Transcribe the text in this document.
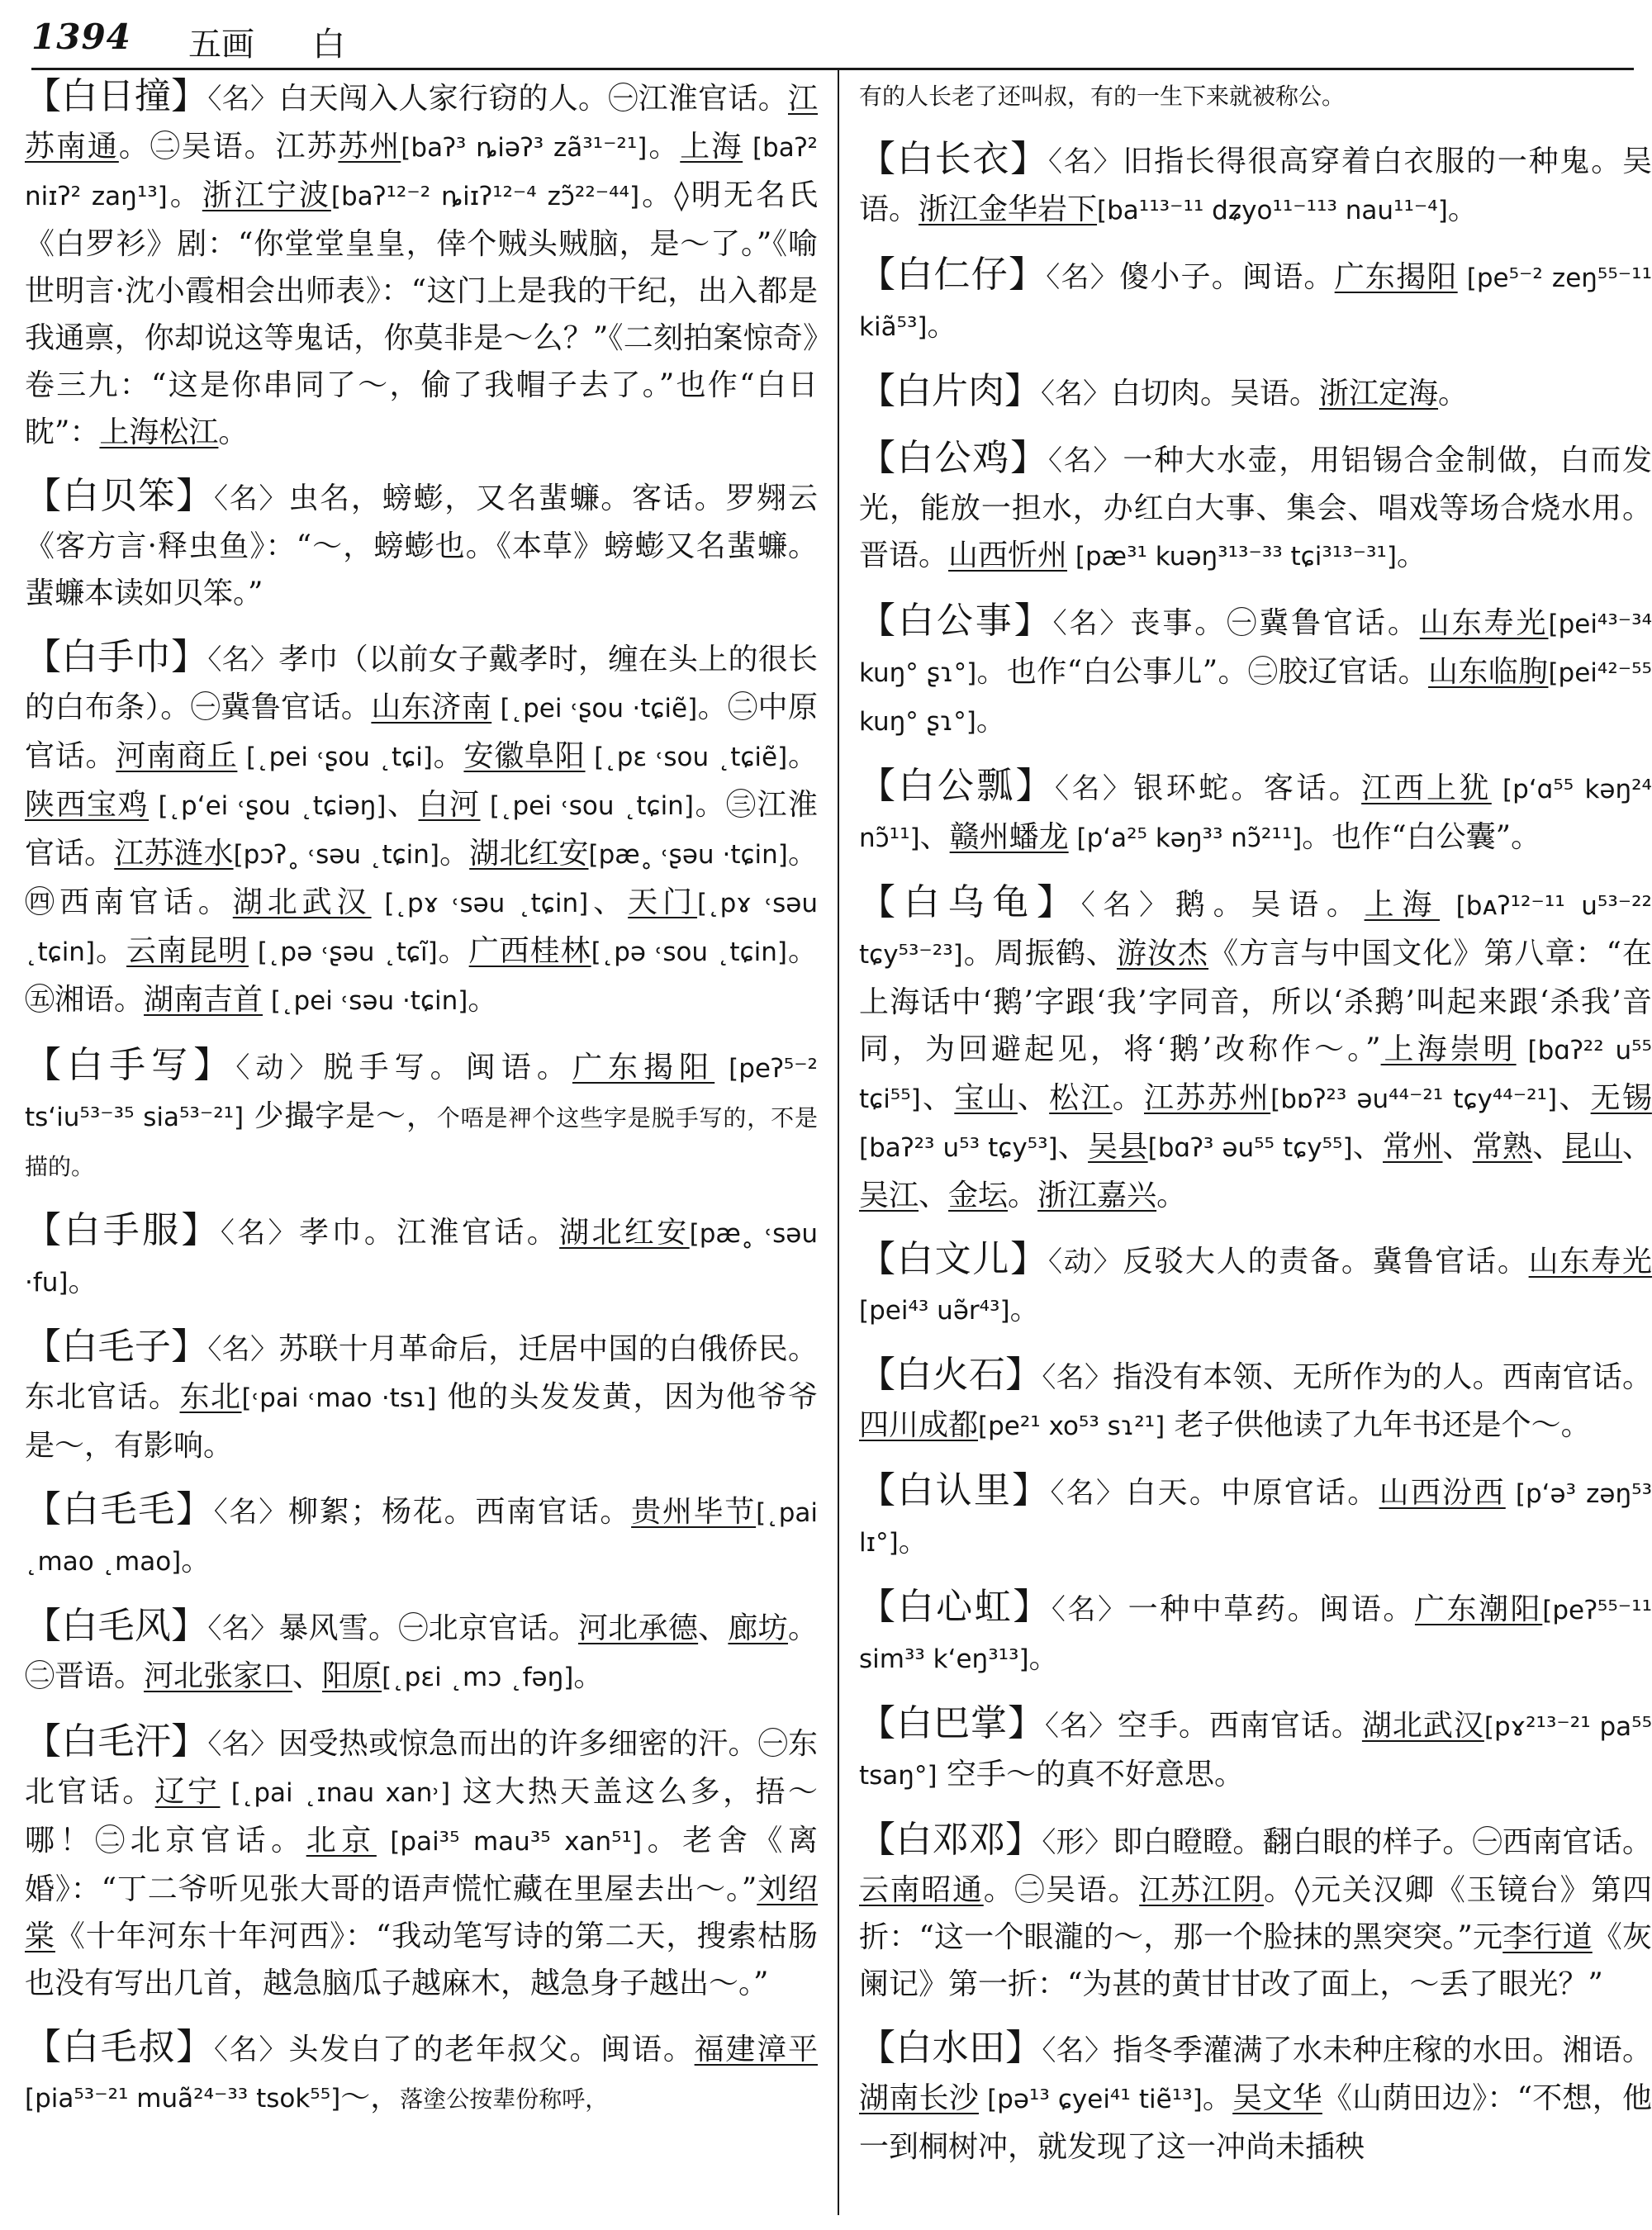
1394 五画 白
【白日撞】〈名〉白天闯入人家行窃的人。㊀江淮官话。江苏南通。㊁吴语。江苏苏州[baʔ³ ȵiəʔ³ zã³¹⁻²¹]。上海 [baʔ² niɪʔ² zaŋ¹³]。浙江宁波[baʔ¹²⁻² ȵiɪʔ¹²⁻⁴ zɔ̃²²⁻⁴⁴]。◊明无名氏《白罗衫》剧：“你堂堂皇皇，倖个贼头贼脑，是～了。”《喻世明言·沈小霞相会出师表》：“这门上是我的干纪，出入都是我通禀，你却说这等鬼话，你莫非是～么？”《二刻拍案惊奇》卷三九：“这是你串同了～，偷了我帽子去了。”也作“白日眈”：上海松江。
【白贝笨】〈名〉虫名，螃蟛，又名蜚蠊。客话。罗翙云《客方言·释虫鱼》：“～，螃蟛也。《本草》螃蟛又名蜚蠊。蜚蠊本读如贝笨。”
【白手巾】〈名〉孝巾（以前女子戴孝时，缠在头上的很长的白布条）。㊀冀鲁官话。山东济南 [˛pei ˓ʂou ·tɕiẽ]。㊁中原官话。河南商丘 [˛pei ˓ʂou ˛tɕi]。安徽阜阳 [˛pɛ ˓sou ˛tɕiẽ]。陕西宝鸡 [˛pʻei ˓ʂou ˛tɕiəŋ]、白河 [˛pei ˓sou ˛tɕin]。㊂江淮官话。江苏涟水[pɔʔ˳ ˓səu ˛tɕin]。湖北红安[pæ˳ ˓ʂəu ·tɕin]。㊃西南官话。湖北武汉 [˛pɤ ˓səu ˛tɕin]、天门[˛pɤ ˓səu ˛tɕin]。云南昆明 [˛pə ˓ʂəu ˛tɕĩ]。广西桂林[˛pə ˓sou ˛tɕin]。㊄湘语。湖南吉首 [˛pei ˓səu ·tɕin]。
【白手写】〈动〉脱手写。闽语。广东揭阳 [peʔ⁵⁻² tsʻiu⁵³⁻³⁵ sia⁵³⁻²¹] 少撮字是～，个唔是䘥个这些字是脱手写的，不是描的。
【白手服】〈名〉孝巾。江淮官话。湖北红安[pæ˳ ˓səu ·fu]。
【白毛子】〈名〉苏联十月革命后，迁居中国的白俄侨民。东北官话。东北[˓pai ˓mao ·tsɿ] 他的头发发黄，因为他爷爷是～，有影响。
【白毛毛】〈名〉柳絮；杨花。西南官话。贵州毕节[˛pai ˛mao ˛mao]。
【白毛风】〈名〉暴风雪。㊀北京官话。河北承德、廊坊。㊁晋语。河北张家口、阳原[˛pɛi ˛mɔ ˛fəŋ]。
【白毛汗】〈名〉因受热或惊急而出的许多细密的汗。㊀东北官话。辽宁 [˛pai ˛ɪnau xan˒] 这大热天盖这么多，捂～哪！㊁北京官话。北京 [pai³⁵ mau³⁵ xan⁵¹]。老舍《离婚》：“丁二爷听见张大哥的语声慌忙藏在里屋去出～。”刘绍棠《十年河东十年河西》：“我动笔写诗的第二天，搜索枯肠也没有写出几首，越急脑瓜子越麻木，越急身子越出～。”
【白毛叔】〈名〉头发白了的老年叔父。闽语。福建漳平[pia⁵³⁻²¹ muã²⁴⁻³³ tsok⁵⁵]～，落塗公按辈份称呼，
有的人长老了还叫叔，有的一生下来就被称公。
【白长衣】〈名〉旧指长得很高穿着白衣服的一种鬼。吴语。浙江金华岩下[ba¹¹³⁻¹¹ dʑyo¹¹⁻¹¹³ nau¹¹⁻⁴]。
【白仁仔】〈名〉傻小子。闽语。广东揭阳 [pe⁵⁻² zeŋ⁵⁵⁻¹¹ kiã⁵³]。
【白片肉】〈名〉白切肉。吴语。浙江定海。
【白公鸡】〈名〉一种大水壶，用铝锡合金制做，白而发光，能放一担水，办红白大事、集会、唱戏等场合烧水用。晋语。山西忻州 [pæ³¹ kuəŋ³¹³⁻³³ tɕi³¹³⁻³¹]。
【白公事】〈名〉丧事。㊀冀鲁官话。山东寿光[pei⁴³⁻³⁴ kuŋ° ʂɿ°]。也作“白公事儿”。㊁胶辽官话。山东临朐[pei⁴²⁻⁵⁵ kuŋ° ʂɿ°]。
【白公瓢】〈名〉银环蛇。客话。江西上犹 [pʻɑ⁵⁵ kəŋ²⁴ nɔ̃¹¹]、赣州蟠龙 [pʻa²⁵ kəŋ³³ nɔ̃²¹¹]。也作“白公囊”。
【白乌龟】〈名〉鹅。吴语。上海 [bᴀʔ¹²⁻¹¹ u⁵³⁻²² tɕy⁵³⁻²³]。周振鹤、游汝杰《方言与中国文化》第八章：“在上海话中‘鹅’字跟‘我’字同音，所以‘杀鹅’叫起来跟‘杀我’音同，为回避起见，将‘鹅’改称作～。”上海崇明 [bɑʔ²² u⁵⁵ tɕi⁵⁵]、宝山、松江。江苏苏州[bɒʔ²³ əu⁴⁴⁻²¹ tɕy⁴⁴⁻²¹]、无锡[baʔ²³ u⁵³ tɕy⁵³]、吴县[bɑʔ³ əu⁵⁵ tɕy⁵⁵]、常州、常熟、昆山、吴江、金坛。浙江嘉兴。
【白文儿】〈动〉反驳大人的责备。冀鲁官话。山东寿光[pei⁴³ uə̃r⁴³]。
【白火石】〈名〉指没有本领、无所作为的人。西南官话。四川成都[pe²¹ xo⁵³ sɿ²¹] 老子供他读了九年书还是个～。
【白认里】〈名〉白天。中原官话。山西汾西 [pʻə³ zəŋ⁵³ lɪ°]。
【白心虹】〈名〉一种中草药。闽语。广东潮阳[peʔ⁵⁵⁻¹¹ sim³³ kʻeŋ³¹³]。
【白巴掌】〈名〉空手。西南官话。湖北武汉[pɤ²¹³⁻²¹ pa⁵⁵ tsaŋ°] 空手～的真不好意思。
【白邓邓】〈形〉即白瞪瞪。翻白眼的样子。㊀西南官话。云南昭通。㊁吴语。江苏江阴。◊元关汉卿《玉镜台》第四折：“这一个眼瀧的～，那一个脸抹的黑突突。”元李行道《灰阑记》第一折：“为甚的黄甘甘改了面上，～丢了眼光？”
【白水田】〈名〉指冬季灌满了水未种庄稼的水田。湘语。湖南长沙 [pə¹³ ɕyei⁴¹ tiẽ¹³]。吴文华《山荫田边》：“不想，他一到桐树冲，就发现了这一冲尚未插秧
